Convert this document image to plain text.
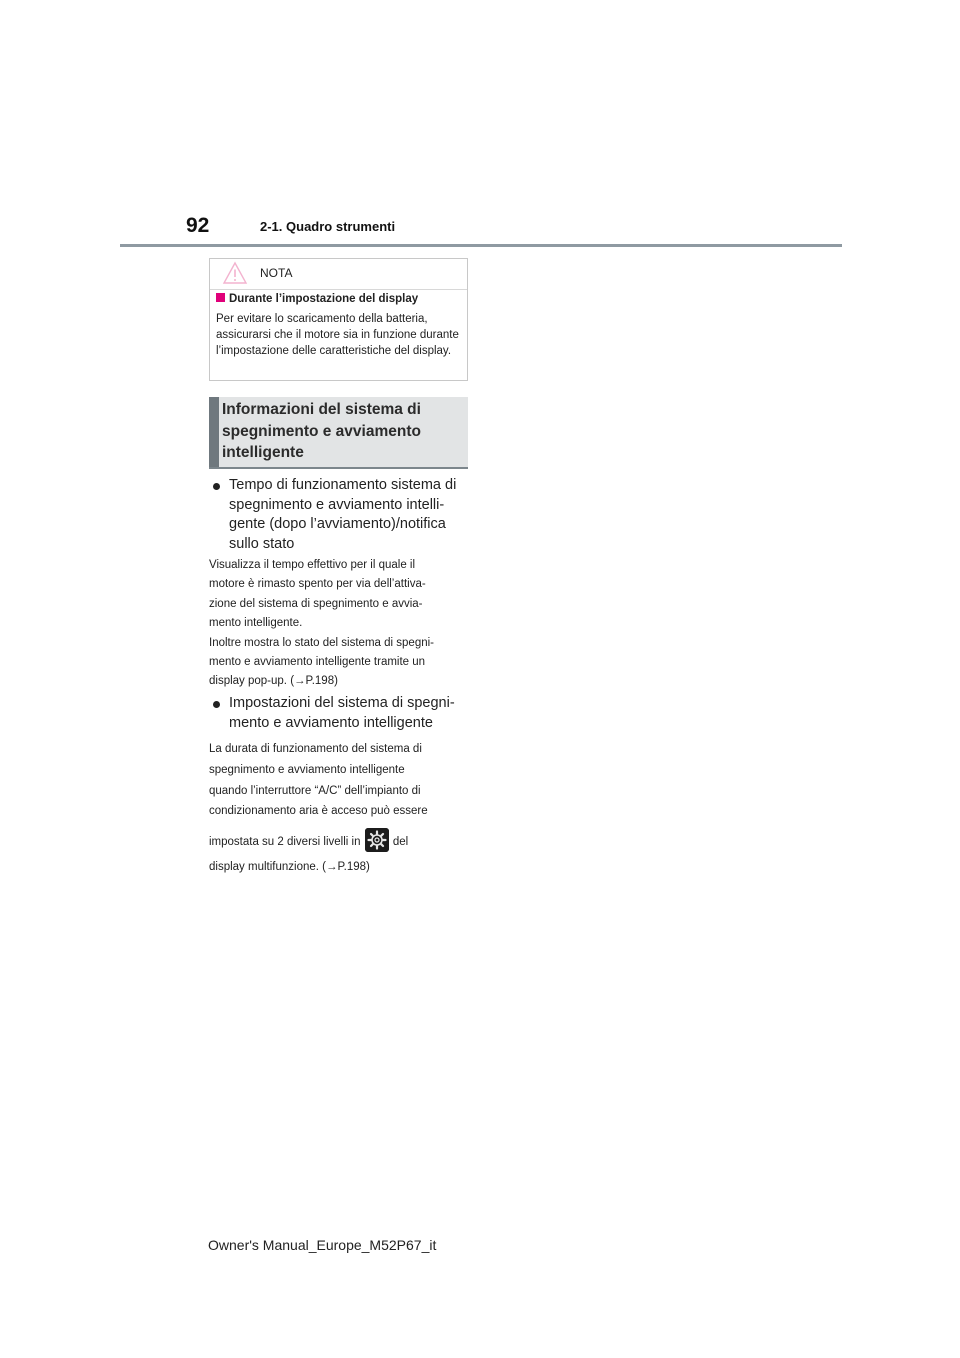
92	2-1. Quadro strumenti
NOTA
Durante l’impostazione del display
Per evitare lo scaricamento della batteria, assicurarsi che il motore sia in funzione durante l’impostazione delle caratteristiche del display.
Informazioni del sistema di spegnimento e avviamento intelligente
Tempo di funzionamento sistema di
spegnimento e avviamento intelli-
gente (dopo l’avviamento)/notifica
sullo stato
Visualizza il tempo effettivo per il quale il
motore è rimasto spento per via dell’attiva-
zione del sistema di spegnimento e avvia-
mento intelligente.
Inoltre mostra lo stato del sistema di spegni-
mento e avviamento intelligente tramite un
display pop-up. (→P.198)
Impostazioni del sistema di spegni-
mento e avviamento intelligente
La durata di funzionamento del sistema di
spegnimento e avviamento intelligente
quando l’interruttore “A/C” dell’impianto di
condizionamento aria è acceso può essere
impostata su 2 diversi livelli in	del
display multifunzione. (→P.198)
Owner's Manual_Europe_M52P67_it
